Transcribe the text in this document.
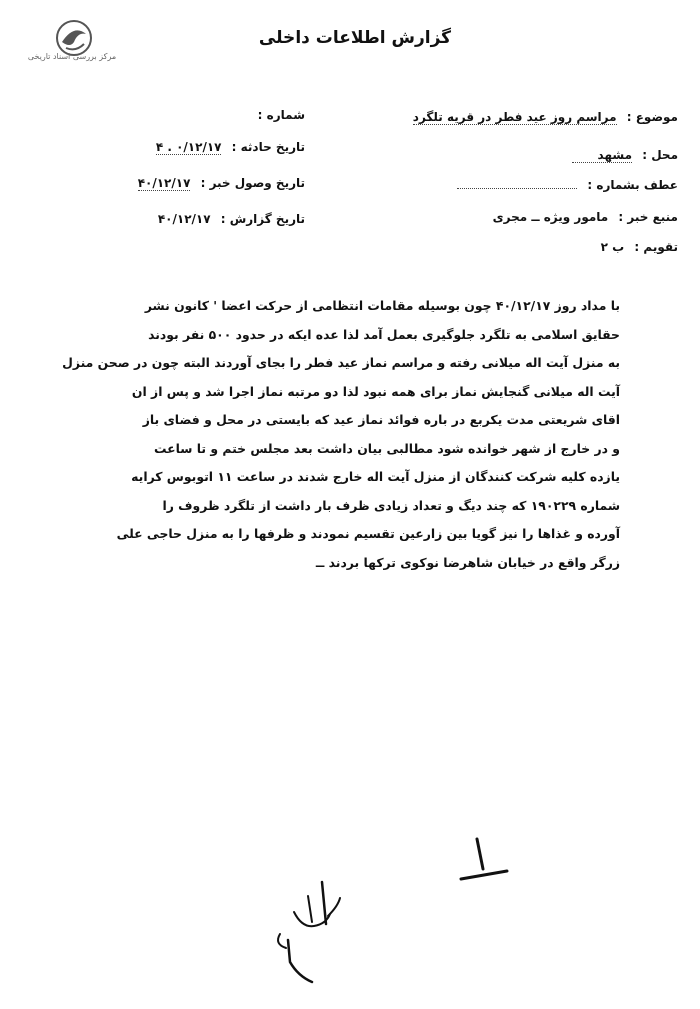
مرکز بررسی اسناد تاریخی
گزارش اطلاعات داخلی
موضوع : مراسم روز عید فطر در قریه تلگرد
محل : مشهد
عطف بشماره :
منبع خبر : مامور ویژه ــ مجری
تقویم : ب ۲
شماره :
تاریخ حادثه : ۰/۱۲/۱۷ . ۴
تاریخ وصول خبر : ۴۰/۱۲/۱۷
تاریخ گزارش : ۴۰/۱۲/۱۷
با مداد روز ۴۰/۱۲/۱۷ چون بوسیله مقامات انتظامی از حرکت اعضا ' کانون نشر
حقایق اسلامی به تلگرد جلوگیری بعمل آمد لذا عده ایکه در حدود ۵۰۰ نفر بودند
به منزل آیت اله میلانی رفته و مراسم نماز عید فطر را بجای آوردند البته چون در صحن منزل
آیت اله میلانی گنجایش نماز برای همه نبود لذا دو مرتبه نماز اجرا شد و پس از ان
اقای شریعتی مدت یکربع در باره فوائد نماز عید که بایستی در محل و فضای باز
و در خارج از شهر خوانده شود مطالبی بیان داشت بعد مجلس ختم و تا ساعت
یازده کلیه شرکت کنندگان از منزل آیت اله خارج شدند در ساعت ۱۱ اتوبوس کرایه
شماره ۱۹۰۲۲۹ که چند دیگ و تعداد زیادی ظرف بار داشت از تلگرد ظروف را
آورده و غذاها را نیز گویا بین زارعین تقسیم نمودند و ظرفها را به منزل حاجی علی
زرگر واقع در خیابان شاهرضا نوکوی ترکها بردند ــ
